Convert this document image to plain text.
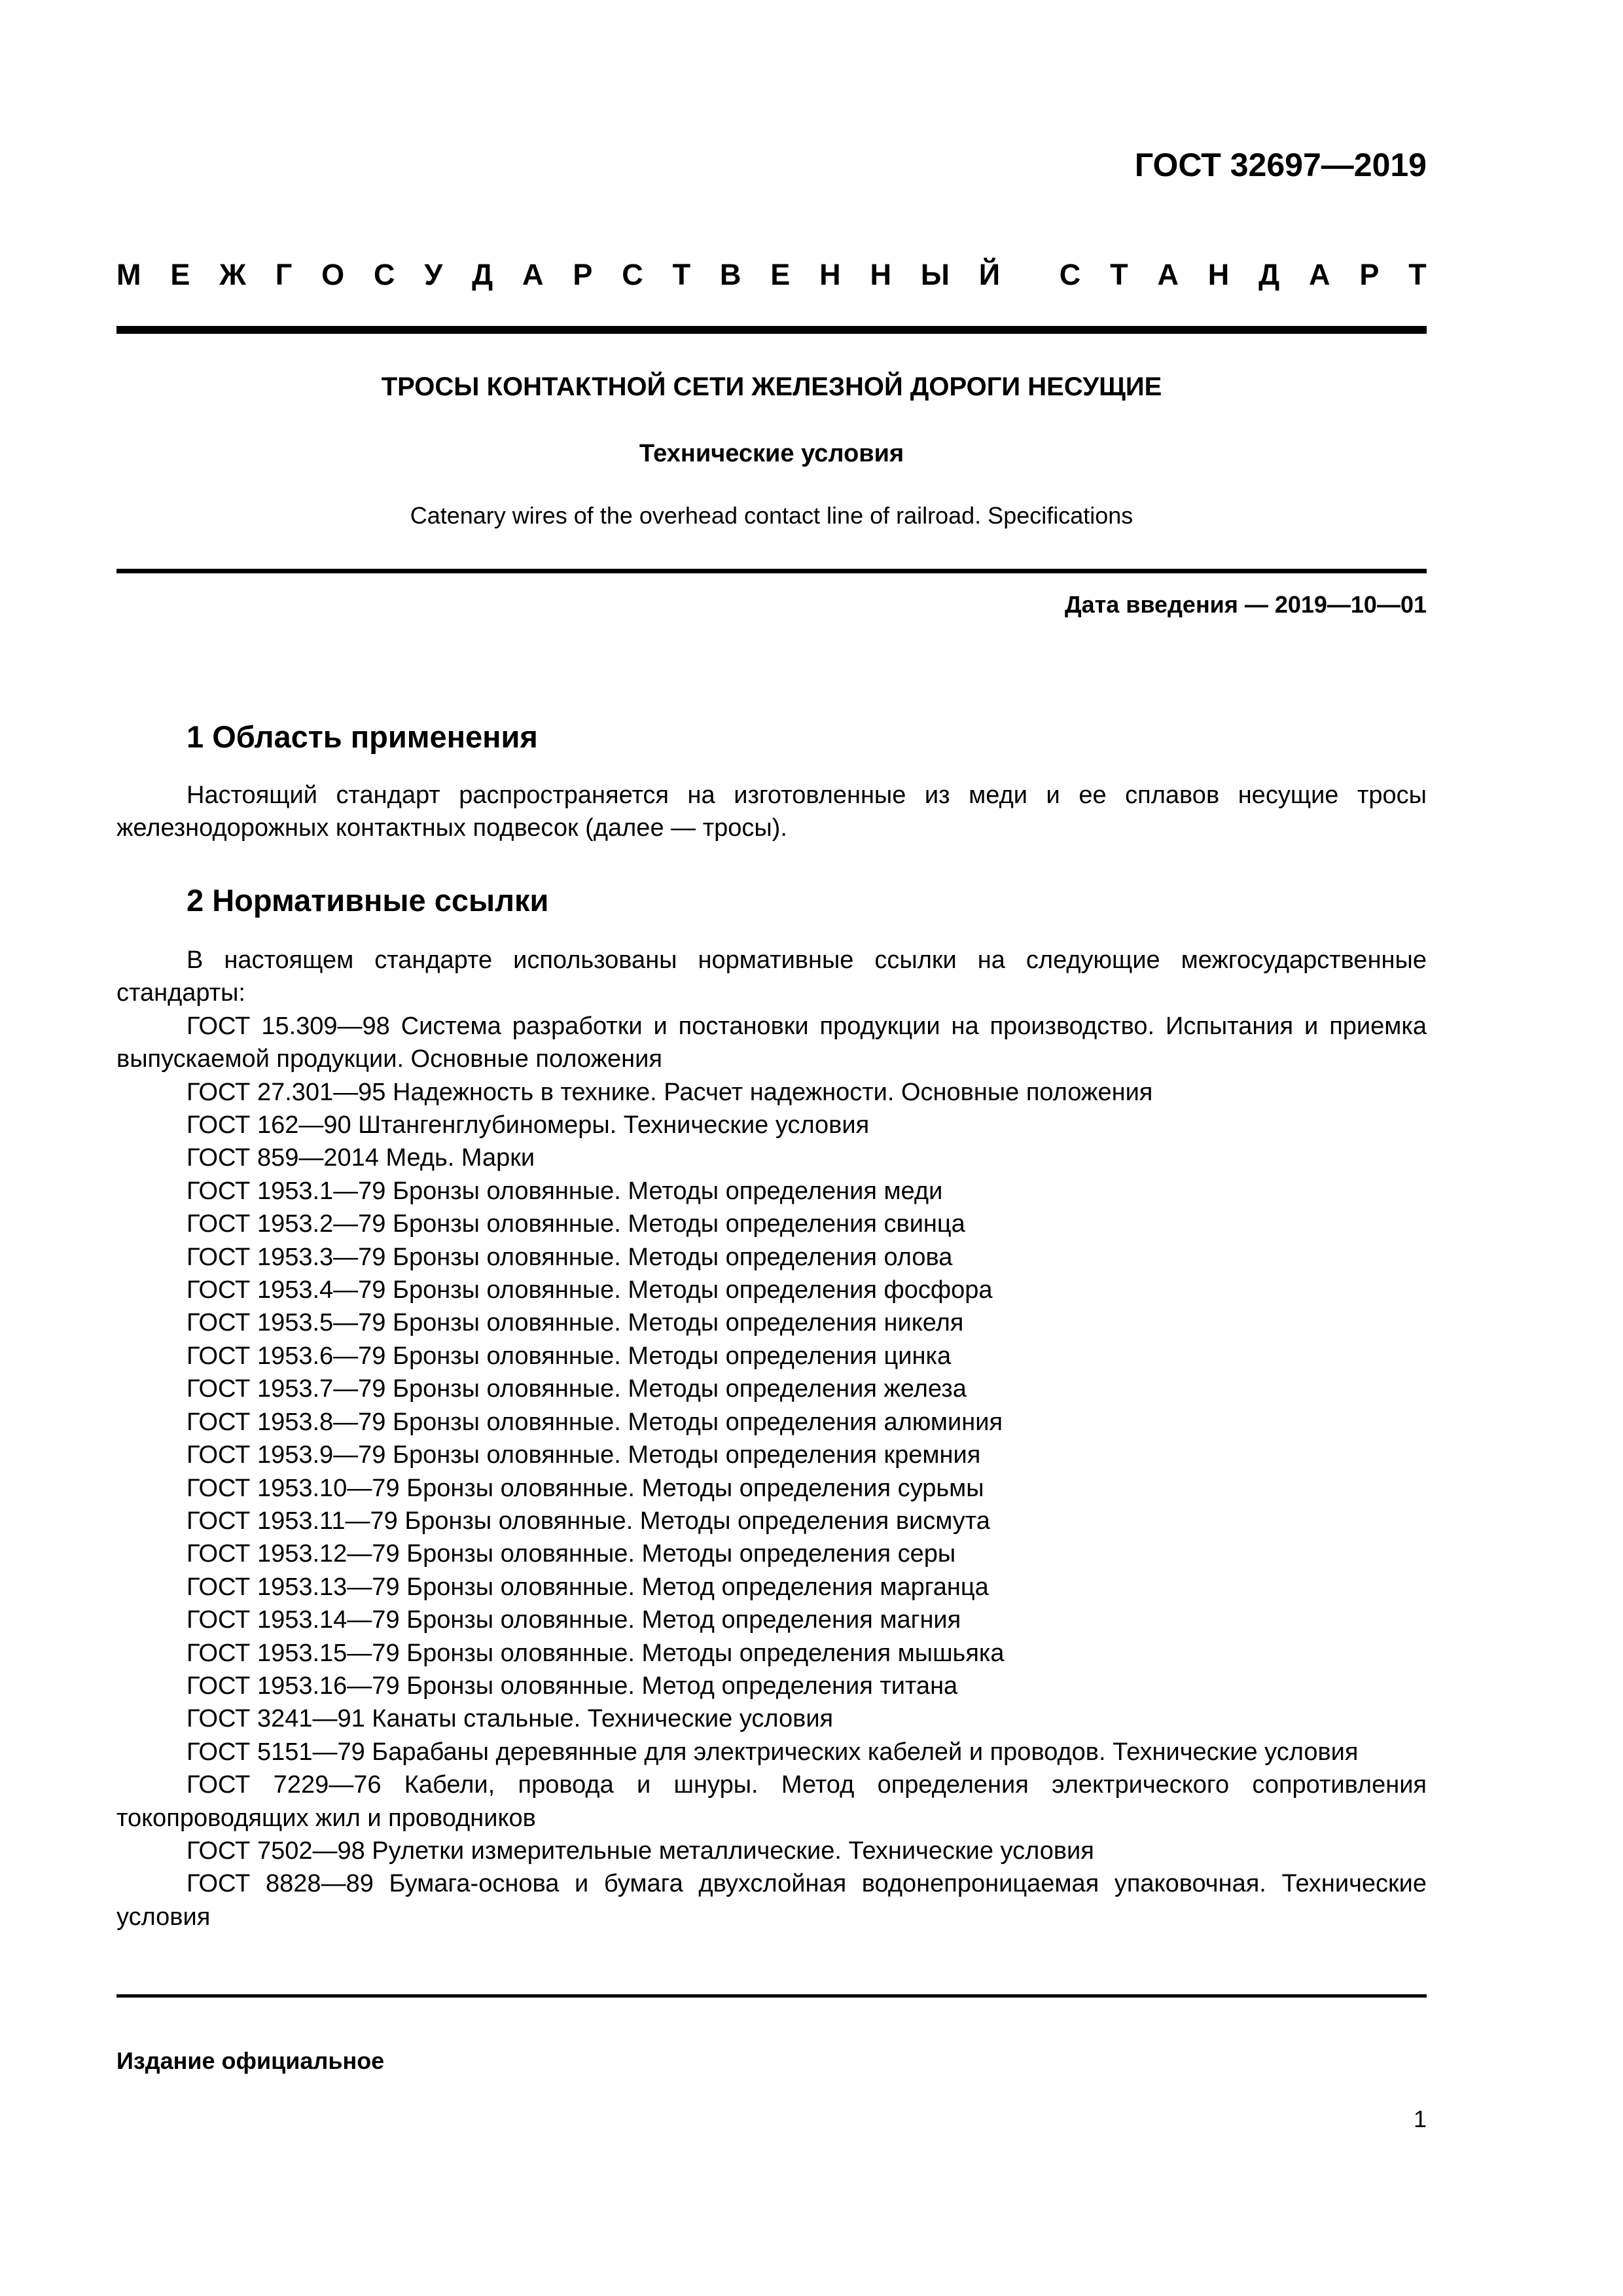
ГОСТ 32697—2019
М Е Ж Г О С У Д А Р С Т В Е Н Н Ы Й С Т А Н Д А Р Т
ТРОСЫ КОНТАКТНОЙ СЕТИ ЖЕЛЕЗНОЙ ДОРОГИ НЕСУЩИЕ
Технические условия
Catenary wires of the overhead contact line of railroad. Specifications
Дата введения — 2019—10—01
1 Область применения

Настоящий стандарт распространяется на изготовленные из меди и ее сплавов несущие тросы железнодорожных контактных подвесок (далее — тросы).

2 Нормативные ссылки

В настоящем стандарте использованы нормативные ссылки на следующие межгосударственные стандарты:

ГОСТ 15.309—98 Система разработки и постановки продукции на производство. Испытания и приемка выпускаемой продукции. Основные положения

ГОСТ 27.301—95 Надежность в технике. Расчет надежности. Основные положения

ГОСТ 162—90 Штангенглубиномеры. Технические условия

ГОСТ 859—2014 Медь. Марки

ГОСТ 1953.1—79 Бронзы оловянные. Методы определения меди

ГОСТ 1953.2—79 Бронзы оловянные. Методы определения свинца

ГОСТ 1953.3—79 Бронзы оловянные. Методы определения олова

ГОСТ 1953.4—79 Бронзы оловянные. Методы определения фосфора

ГОСТ 1953.5—79 Бронзы оловянные. Методы определения никеля

ГОСТ 1953.6—79 Бронзы оловянные. Методы определения цинка

ГОСТ 1953.7—79 Бронзы оловянные. Методы определения железа

ГОСТ 1953.8—79 Бронзы оловянные. Методы определения алюминия

ГОСТ 1953.9—79 Бронзы оловянные. Методы определения кремния

ГОСТ 1953.10—79 Бронзы оловянные. Методы определения сурьмы

ГОСТ 1953.11—79 Бронзы оловянные. Методы определения висмута

ГОСТ 1953.12—79 Бронзы оловянные. Методы определения серы

ГОСТ 1953.13—79 Бронзы оловянные. Метод определения марганца

ГОСТ 1953.14—79 Бронзы оловянные. Метод определения магния

ГОСТ 1953.15—79 Бронзы оловянные. Методы определения мышьяка

ГОСТ 1953.16—79 Бронзы оловянные. Метод определения титана

ГОСТ 3241—91 Канаты стальные. Технические условия

ГОСТ 5151—79 Барабаны деревянные для электрических кабелей и проводов. Технические условия

ГОСТ 7229—76 Кабели, провода и шнуры. Метод определения электрического сопротивления токопроводящих жил и проводников

ГОСТ 7502—98 Рулетки измерительные металлические. Технические условия

ГОСТ 8828—89 Бумага-основа и бумага двухслойная водонепроницаемая упаковочная. Технические условия

Издание официальное
1
